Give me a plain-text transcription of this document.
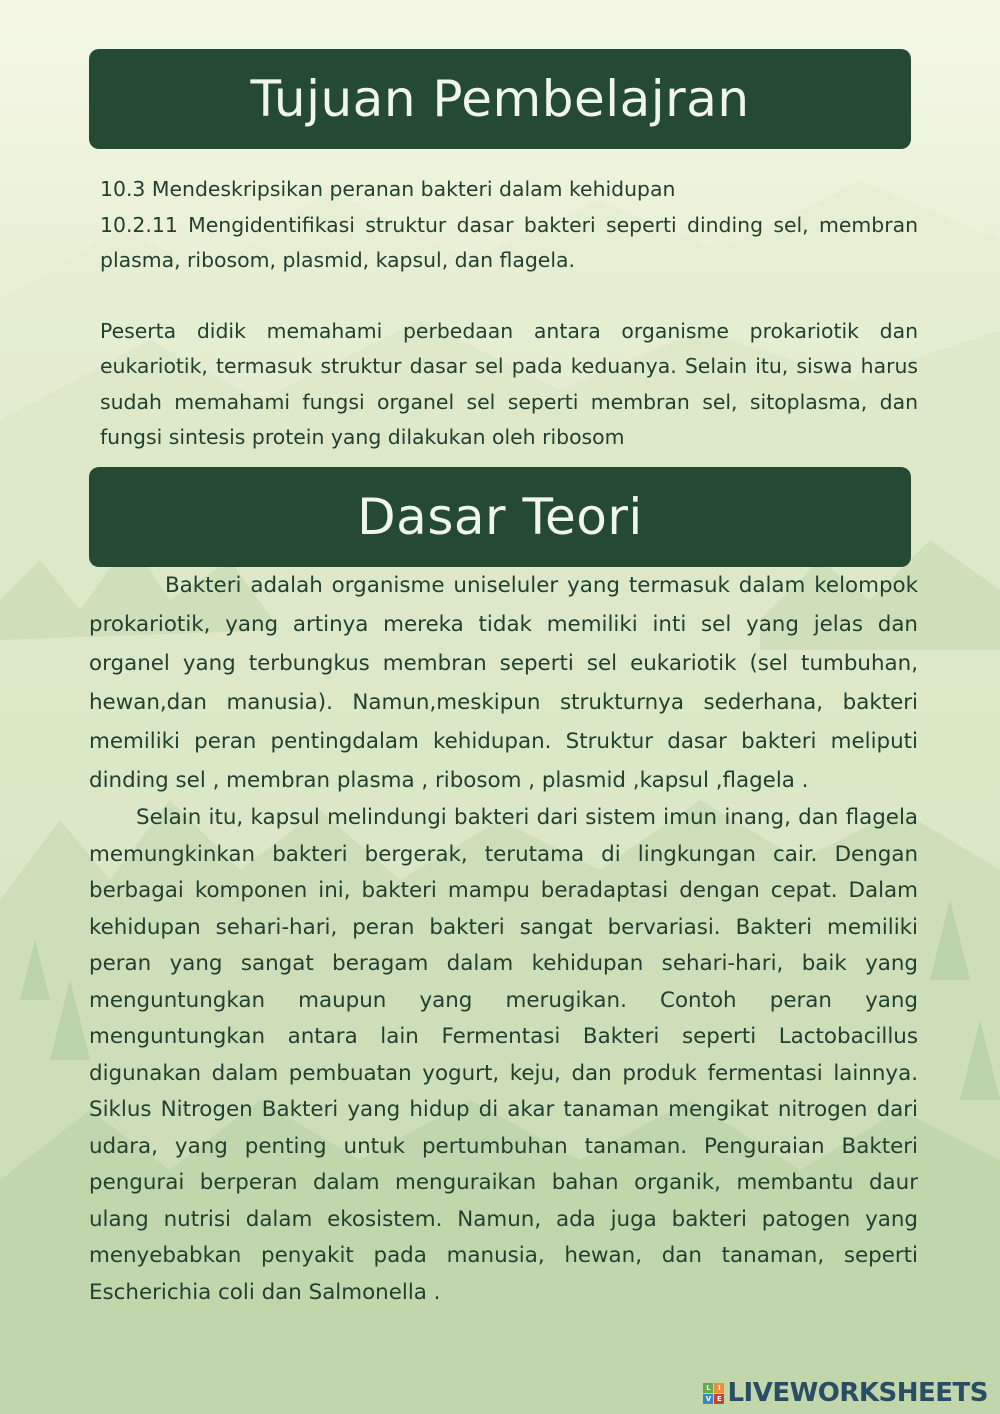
Tujuan Pembelajran

10.3 Mendeskripsikan peranan bakteri dalam kehidupan

10.2.11 Mengidentifikasi struktur dasar bakteri seperti dinding sel, membran plasma, ribosom, plasmid, kapsul, dan flagela.

Peserta didik memahami perbedaan antara organisme prokariotik dan eukariotik, termasuk struktur dasar sel pada keduanya. Selain itu, siswa harus sudah memahami fungsi organel sel seperti membran sel, sitoplasma, dan fungsi sintesis protein yang dilakukan oleh ribosom

Dasar Teori

Bakteri adalah organisme uniseluler yang termasuk dalam kelompok prokariotik, yang artinya mereka tidak memiliki inti sel yang jelas dan organel yang terbungkus membran seperti sel eukariotik (sel tumbuhan, hewan,dan manusia). Namun,meskipun strukturnya sederhana, bakteri memiliki peran pentingdalam kehidupan. Struktur dasar bakteri meliputi dinding sel , membran plasma , ribosom , plasmid ,kapsul ,flagela .

Selain itu, kapsul melindungi bakteri dari sistem imun inang, dan flagela memungkinkan bakteri bergerak, terutama di lingkungan cair. Dengan berbagai komponen ini, bakteri mampu beradaptasi dengan cepat. Dalam kehidupan sehari-hari, peran bakteri sangat bervariasi. Bakteri memiliki peran yang sangat beragam dalam kehidupan sehari-hari, baik yang menguntungkan maupun yang merugikan. Contoh peran yang menguntungkan antara lain Fermentasi Bakteri seperti Lactobacillus digunakan dalam pembuatan yogurt, keju, dan produk fermentasi lainnya. Siklus Nitrogen Bakteri yang hidup di akar tanaman mengikat nitrogen dari udara, yang penting untuk pertumbuhan tanaman. Penguraian Bakteri pengurai berperan dalam menguraikan bahan organik, membantu daur ulang nutrisi dalam ekosistem. Namun, ada juga bakteri patogen yang menyebabkan penyakit pada manusia, hewan, dan tanaman, seperti Escherichia coli dan Salmonella .

L	I
V E LIVEWORKSHEETS
